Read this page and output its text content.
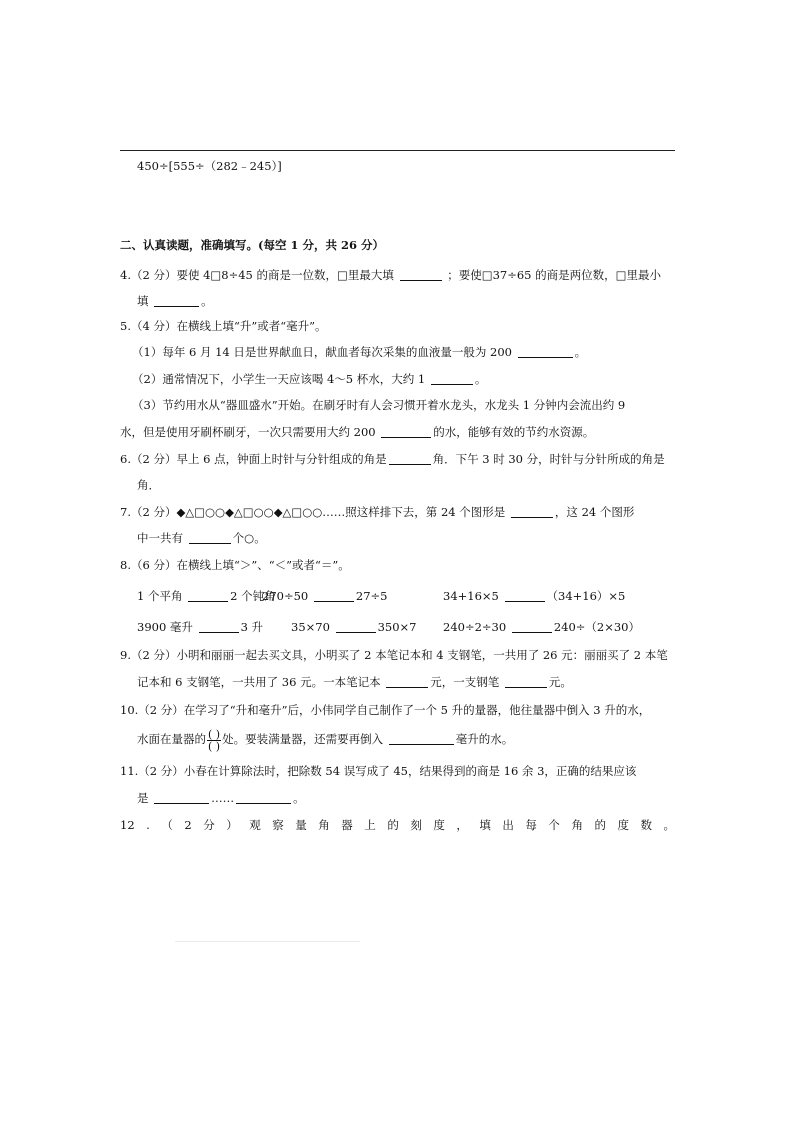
450÷[555÷（282﹣245）]
二、认真读题，准确填写。(每空 1 分，共 26 分）
4.（2 分）要使 4□8÷45 的商是一位数，□里最大填	；要使□37÷65 的商是两位数，□里最小
填	。
5.（4 分）在横线上填“升”或者“毫升”。
（1）每年 6 月 14 日是世界献血日，献血者每次采集的血液量一般为 200	。
（2）通常情况下，小学生一天应该喝 4～5 杯水，大约 1	。
（3）节约用水从“器皿盛水”开始。在刷牙时有人会习惯开着水龙头，水龙头 1 分钟内会流出约 9
水，但是使用牙刷杯刷牙，一次只需要用大约 200	的水，能够有效的节约水资源。
6.（2 分）早上 6 点，钟面上时针与分针组成的角是	角．下午 3 时 30 分，时针与分针所成的角是
角．
7.（2 分）◆△□○○◆△□○○◆△□○○……照这样排下去，第 24 个图形是	，这 24 个图形
中一共有	个○。
8.（6 分）在横线上填“＞”、“＜”或者“＝”。
1 个平角	2 个钝角
270÷50	27÷5	34+16×5	（34+16）×5
3900 毫升	3 升 35×70	350×7 240÷2÷30	240÷（2×30）
9.（2 分）小明和丽丽一起去买文具，小明买了 2 本笔记本和 4 支钢笔，一共用了 26 元：丽丽买了 2 本笔
记本和 6 支钢笔，一共用了 36 元。一本笔记本	元，一支钢笔	元。
10.（2 分）在学习了“升和毫升”后，小伟同学自己制作了一个 5 升的量器，他往量器中倒入 3 升的水，
水面在量器的 $\frac{( )}{( )}$ 处。要装满量器，还需要再倒入	毫升的水。
11.（2 分）小春在计算除法时，把除数 54 误写成了 45，结果得到的商是 16 余 3，正确的结果应该
是	……	。
12 . （ 2 分 ） 观 察 量 角 器 上 的 刻 度 ， 填 出 每 个 角 的 度 数 。
